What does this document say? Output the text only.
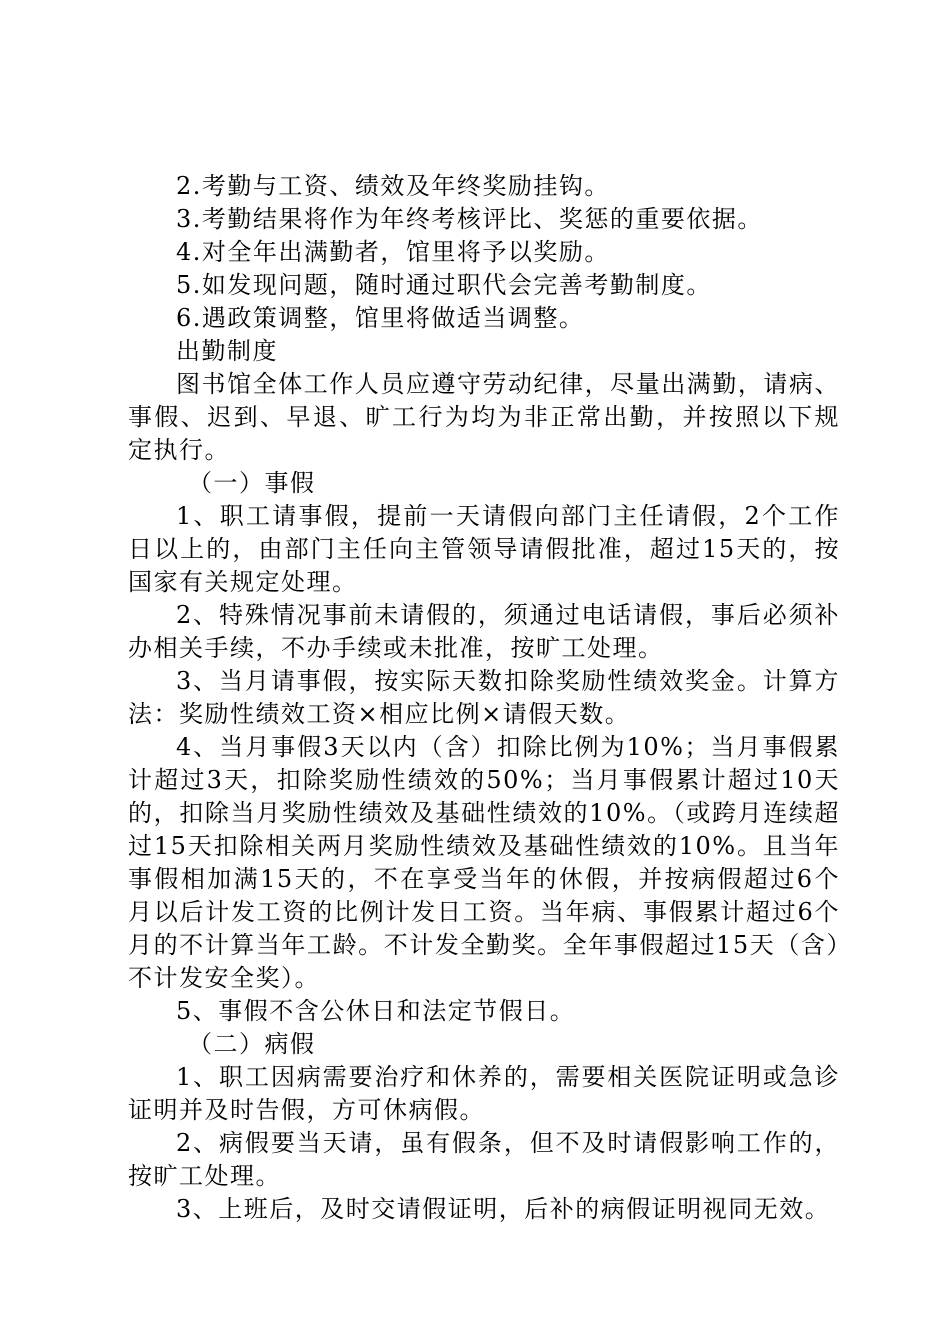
2.考勤与工资、绩效及年终奖励挂钩。

3.考勤结果将作为年终考核评比、奖惩的重要依据。

4.对全年出满勤者，馆里将予以奖励。

5.如发现问题，随时通过职代会完善考勤制度。

6.遇政策调整，馆里将做适当调整。

出勤制度

图书馆全体工作人员应遵守劳动纪律，尽量出满勤，请病、事假、迟到、早退、旷工行为均为非正常出勤，并按照以下规定执行。

（一）事假

1、职工请事假，提前一天请假向部门主任请假，2个工作日以上的，由部门主任向主管领导请假批准，超过15天的，按国家有关规定处理。

2、特殊情况事前未请假的，须通过电话请假，事后必须补办相关手续，不办手续或未批准，按旷工处理。

3、当月请事假，按实际天数扣除奖励性绩效奖金。计算方法：奖励性绩效工资×相应比例×请假天数。

4、当月事假3天以内（含）扣除比例为10%；当月事假累计超过3天，扣除奖励性绩效的50%；当月事假累计超过10天的，扣除当月奖励性绩效及基础性绩效的10%。（或跨月连续超过15天扣除相关两月奖励性绩效及基础性绩效的10%。且当年事假相加满15天的，不在享受当年的休假，并按病假超过6个月以后计发工资的比例计发日工资。当年病、事假累计超过6个月的不计算当年工龄。不计发全勤奖。全年事假超过15天（含）不计发安全奖）。

5、事假不含公休日和法定节假日。

（二）病假

1、职工因病需要治疗和休养的，需要相关医院证明或急诊证明并及时告假，方可休病假。

2、病假要当天请，虽有假条，但不及时请假影响工作的，按旷工处理。

3、上班后，及时交请假证明，后补的病假证明视同无效。
